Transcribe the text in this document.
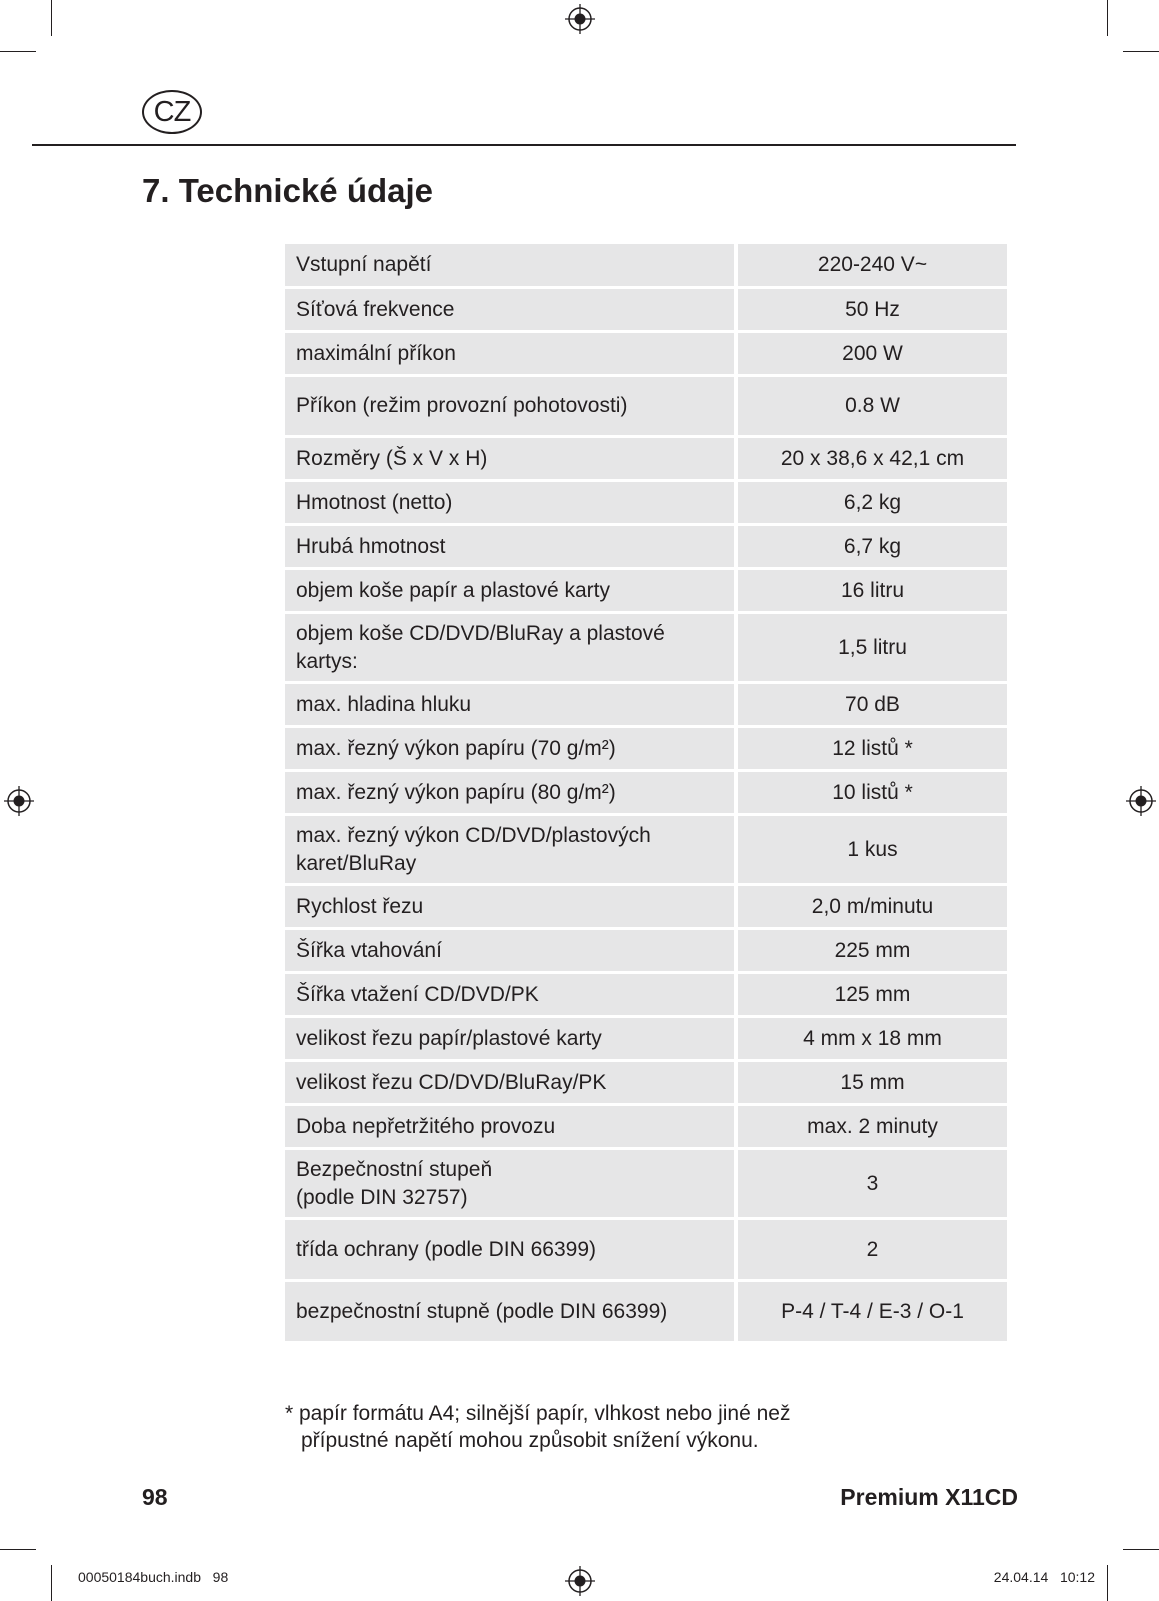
CZ
7. Technické údaje
Vstupní napětí	220-240 V~
Síťová frekvence	50 Hz
maximální příkon	200 W
Příkon (režim provozní pohotovosti)	0.8 W
Rozměry (Š x V x H)	20 x 38,6 x 42,1 cm
Hmotnost (netto)	6,2 kg
Hrubá hmotnost	6,7 kg
objem koše papír a plastové karty	16 litru
objem koše CD/DVD/BluRay a plastové kartys:	1,5 litru
max. hladina hluku	70 dB
max. řezný výkon papíru (70 g/m²)	12 listů *
max. řezný výkon papíru (80 g/m²)	10 listů *
max. řezný výkon CD/DVD/plastových karet/BluRay	1 kus
Rychlost řezu	2,0 m/minutu
Šířka vtahování	225 mm
Šířka vtažení CD/DVD/PK	125 mm
velikost řezu papír/plastové karty	4 mm x 18 mm
velikost řezu CD/DVD/BluRay/PK	15 mm
Doba nepřetržitého provozu	max. 2 minuty
Bezpečnostní stupeň
(podle DIN 32757)	3
třída ochrany (podle DIN 66399)	2
bezpečnostní stupně (podle DIN 66399)	P-4 / T-4 / E-3 / O-1
* papír formátu A4; silnější papír, vlhkost nebo jiné než
přípustné napětí mohou způsobit snížení výkonu.
98	Premium X11CD
00050184buch.indb   98	24.04.14   10:12
